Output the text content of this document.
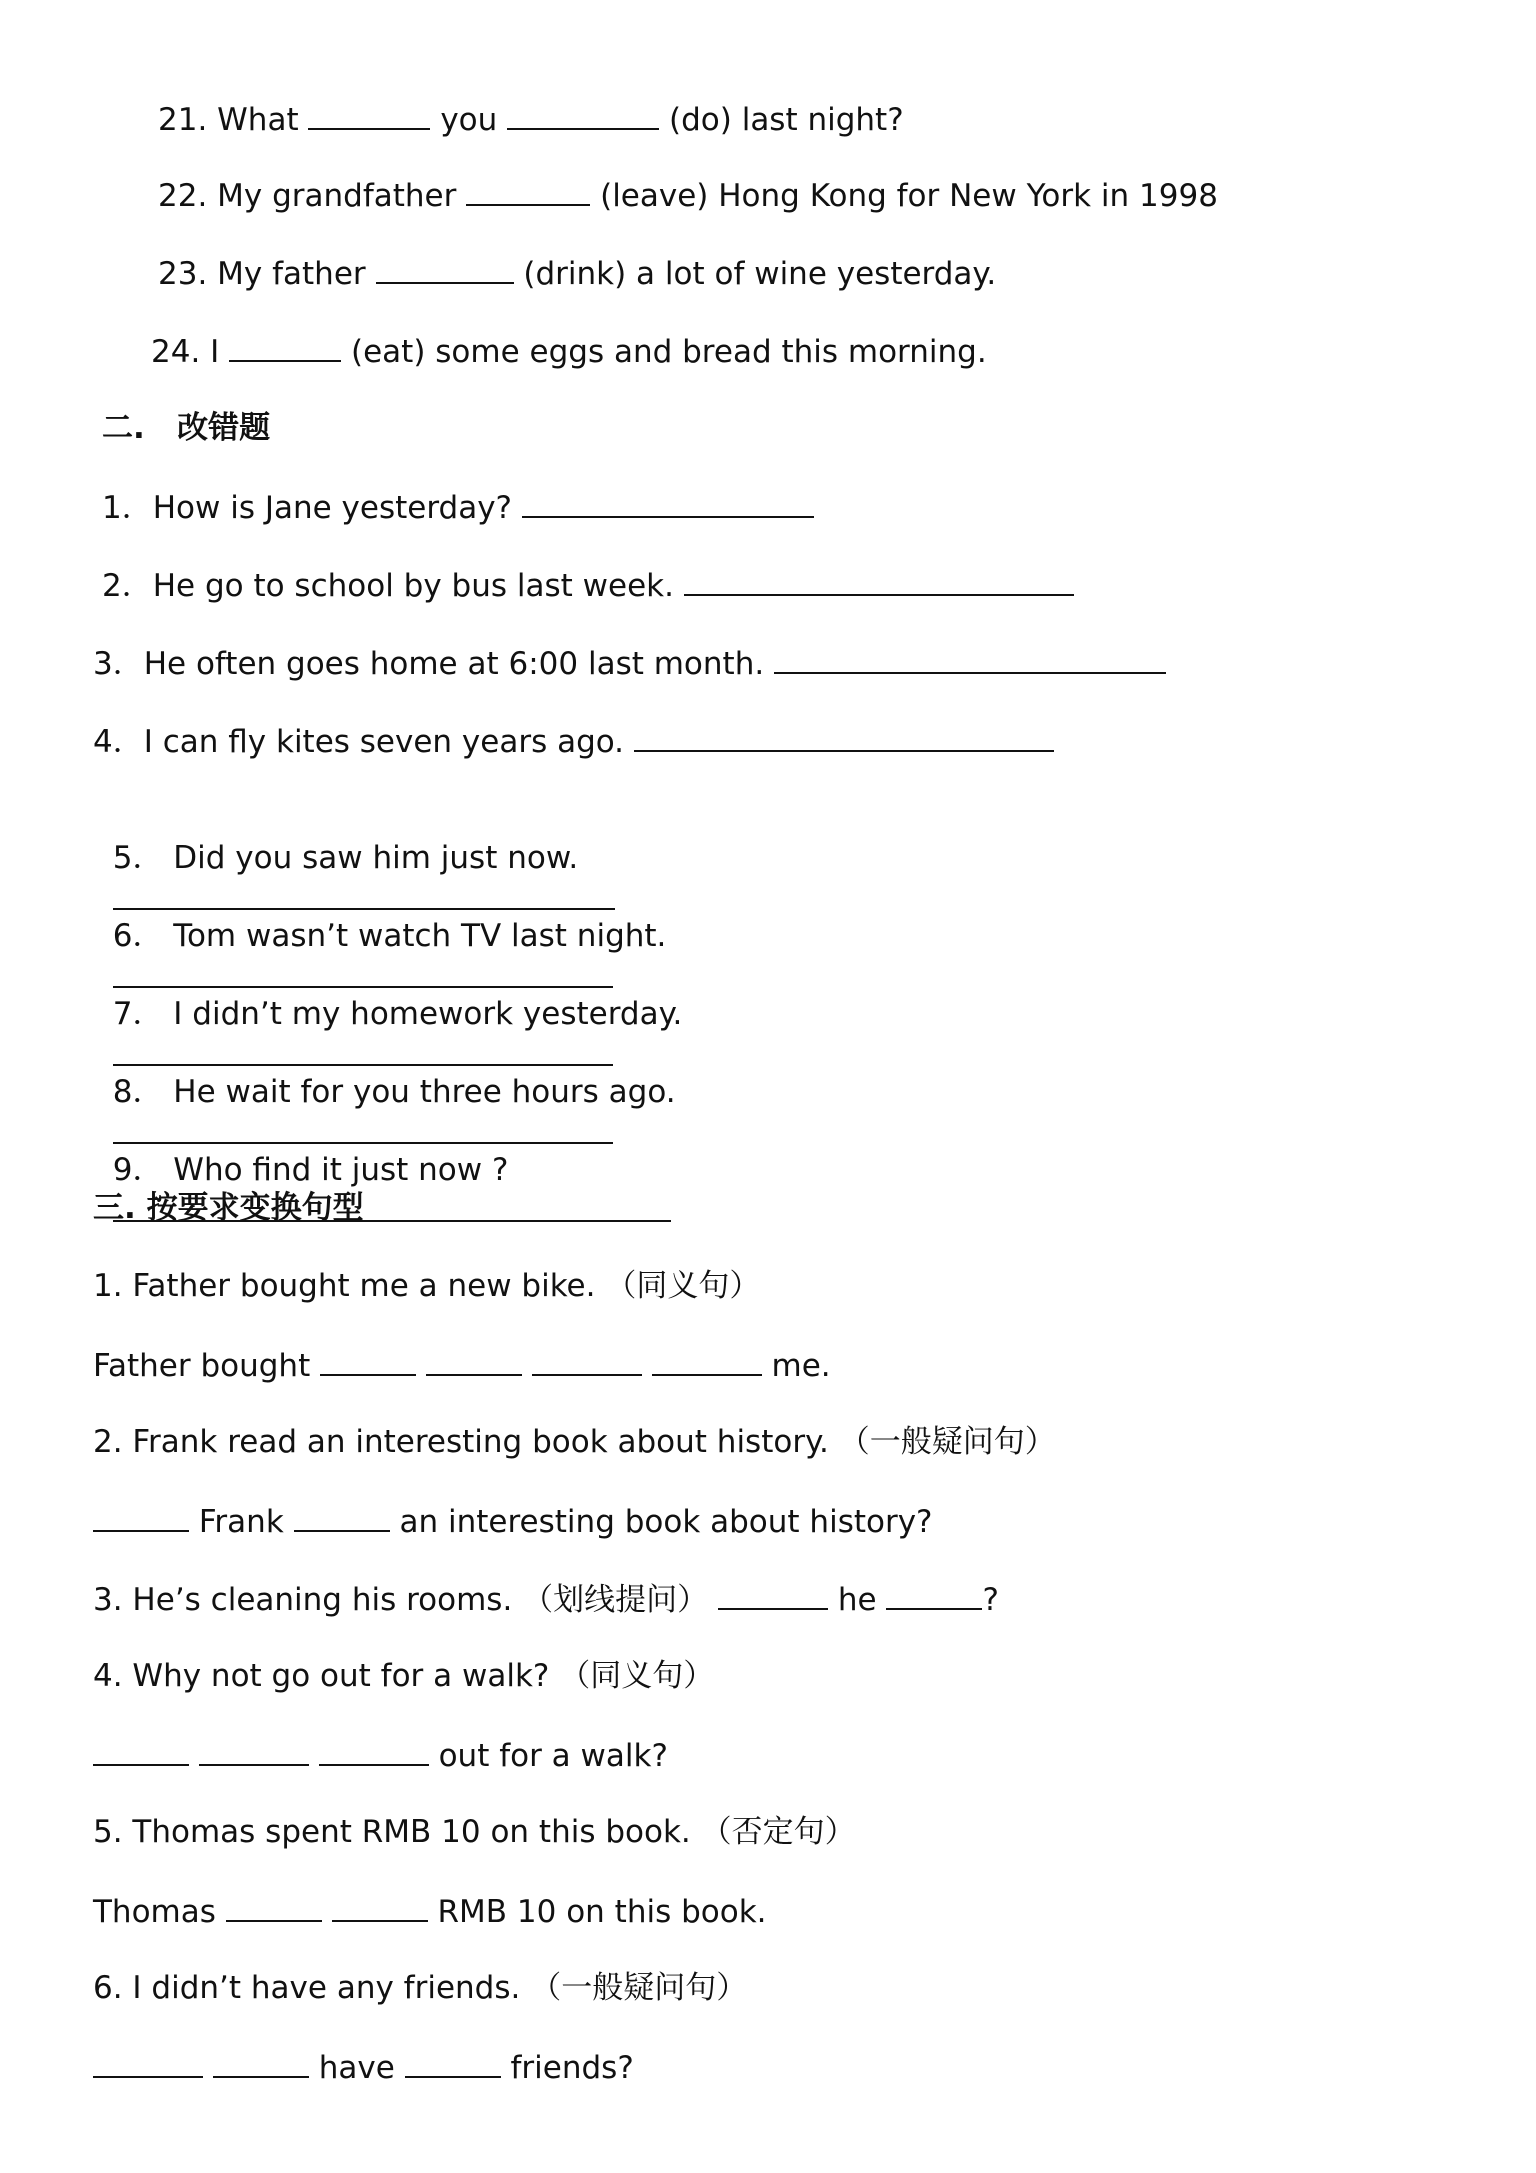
21. What	you	(do) last night?
22. My grandfather	(leave) Hong Kong for New York in 1998
23. My father	(drink) a lot of wine yesterday.
24. I	(eat) some eggs and bread this morning.
二.   改错题
1．How is Jane yesterday?
2．He go to school by bus last week.
3．He often goes home at 6:00 last month.
4．I can fly kites seven years ago.

5． Did you saw him just now.

6． Tom wasn’t watch TV last night.

7． I didn’t my homework yesterday.

8． He wait for you three hours ago.

9． Who find it just now ?

三. 按要求变换句型
1. Father bought me a new bike. （同义句）
Father bought	me.
2. Frank read an interesting book about history. （一般疑问句）
Frank	an interesting book about history?
3. He’s cleaning his rooms. （划线提问）	he	?
4. Why not go out for a walk? （同义句）
out for a walk?
5. Thomas spent RMB 10 on this book. （否定句）
Thomas	RMB 10 on this book.
6. I didn’t have any friends. （一般疑问句）
have	friends?
